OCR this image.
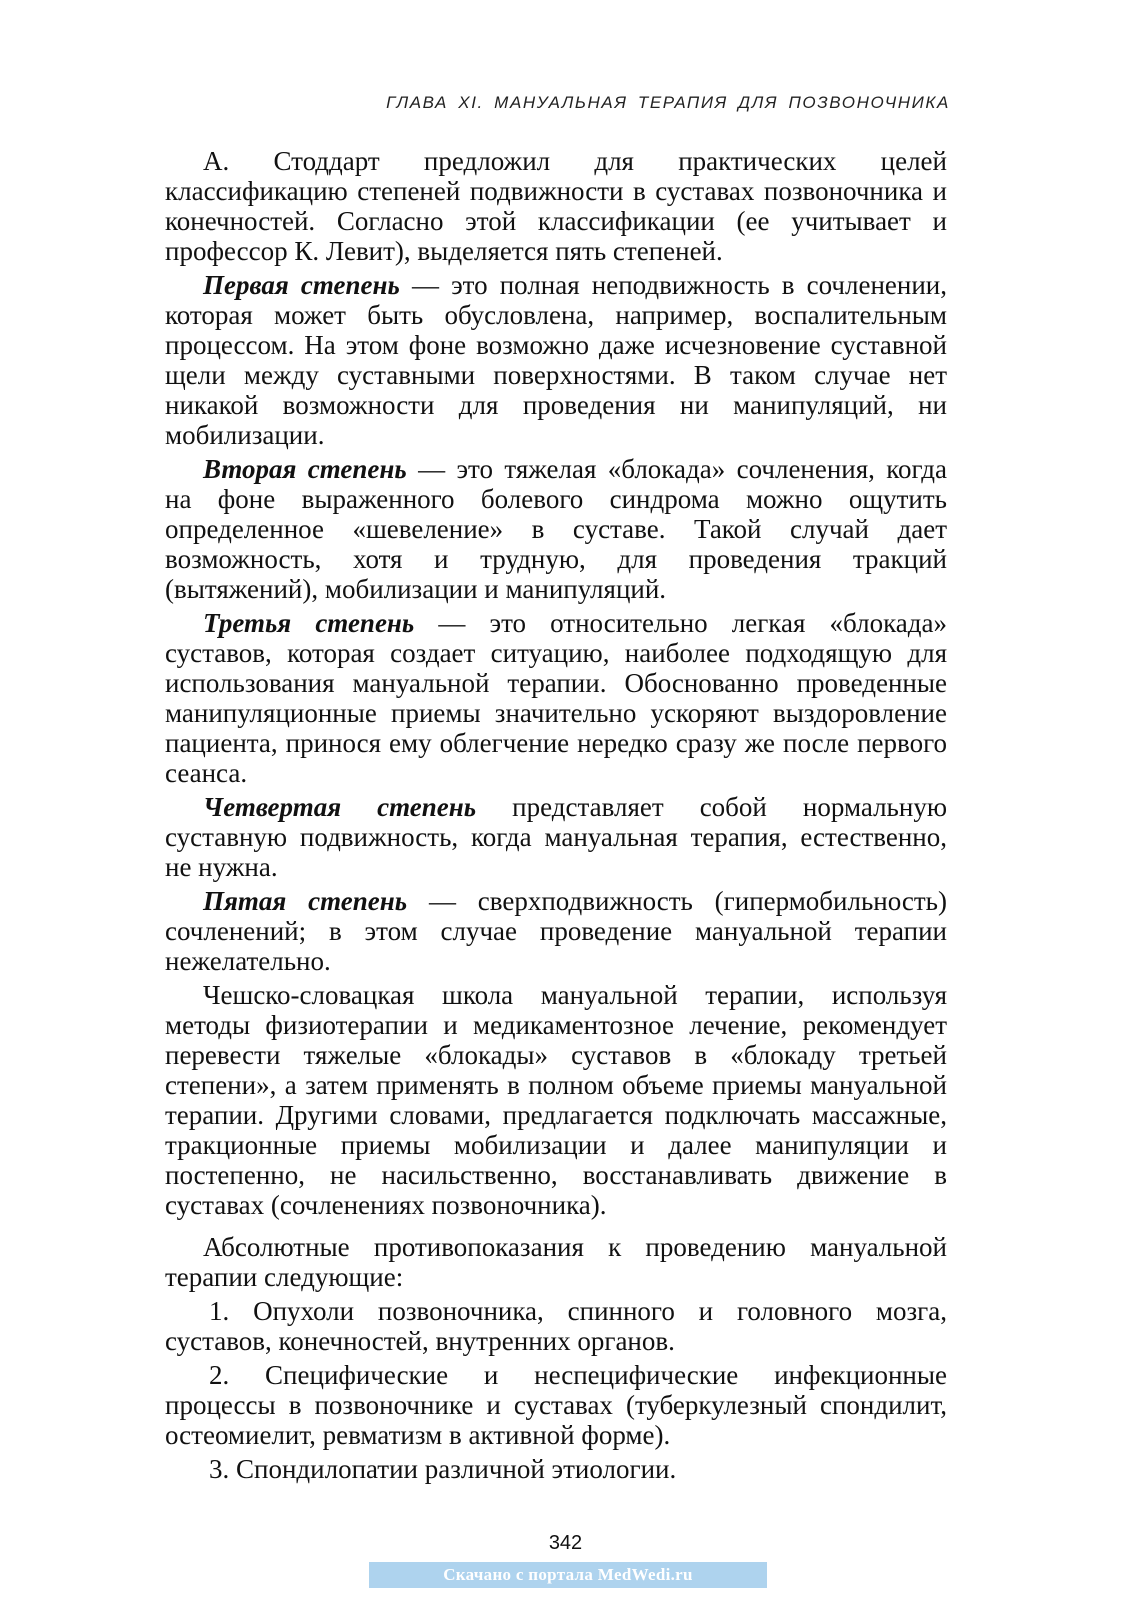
ГЛАВА XI. МАНУАЛЬНАЯ ТЕРАПИЯ ДЛЯ ПОЗВОНОЧНИКА

А. Стоддарт предложил для практических целей классификацию степеней подвижности в суставах позвоночника и конечностей. Согласно этой классификации (ее учитывает и профессор К. Левит), выделяется пять степеней.

Первая степень — это полная неподвижность в сочленении, которая может быть обусловлена, например, воспалительным процессом. На этом фоне возможно даже исчезновение суставной щели между суставными поверхностями. В таком случае нет никакой возможности для проведения ни манипуляций, ни мобилизации.

Вторая степень — это тяжелая «блокада» сочленения, когда на фоне выраженного болевого синдрома можно ощутить определенное «шевеление» в суставе. Такой случай дает возможность, хотя и трудную, для проведения тракций (вытяжений), мобилизации и манипуляций.

Третья степень — это относительно легкая «блокада» суставов, которая создает ситуацию, наиболее подходящую для использования мануальной терапии. Обоснованно проведенные манипуляционные приемы значительно ускоряют выздоровление пациента, принося ему облегчение нередко сразу же после первого сеанса.

Четвертая степень представляет собой нормальную суставную подвижность, когда мануальная терапия, естественно, не нужна.

Пятая степень — сверхподвижность (гипермобильность) сочленений; в этом случае проведение мануальной терапии нежелательно.

Чешско-словацкая школа мануальной терапии, используя методы физиотерапии и медикаментозное лечение, рекомендует перевести тяжелые «блокады» суставов в «блокаду третьей степени», а затем применять в полном объеме приемы мануальной терапии. Другими словами, предлагается подключать массажные, тракционные приемы мобилизации и далее манипуляции и постепенно, не насильственно, восстанавливать движение в суставах (сочленениях позвоночника).

Абсолютные противопоказания к проведению мануальной терапии следующие:

1. Опухоли позвоночника, спинного и головного мозга, суставов, конечностей, внутренних органов.

2. Специфические и неспецифические инфекционные процессы в позвоночнике и суставах (туберкулезный спондилит, остеомиелит, ревматизм в активной форме).

3. Спондилопатии различной этиологии.

342
Скачано с портала MedWedi.ru
